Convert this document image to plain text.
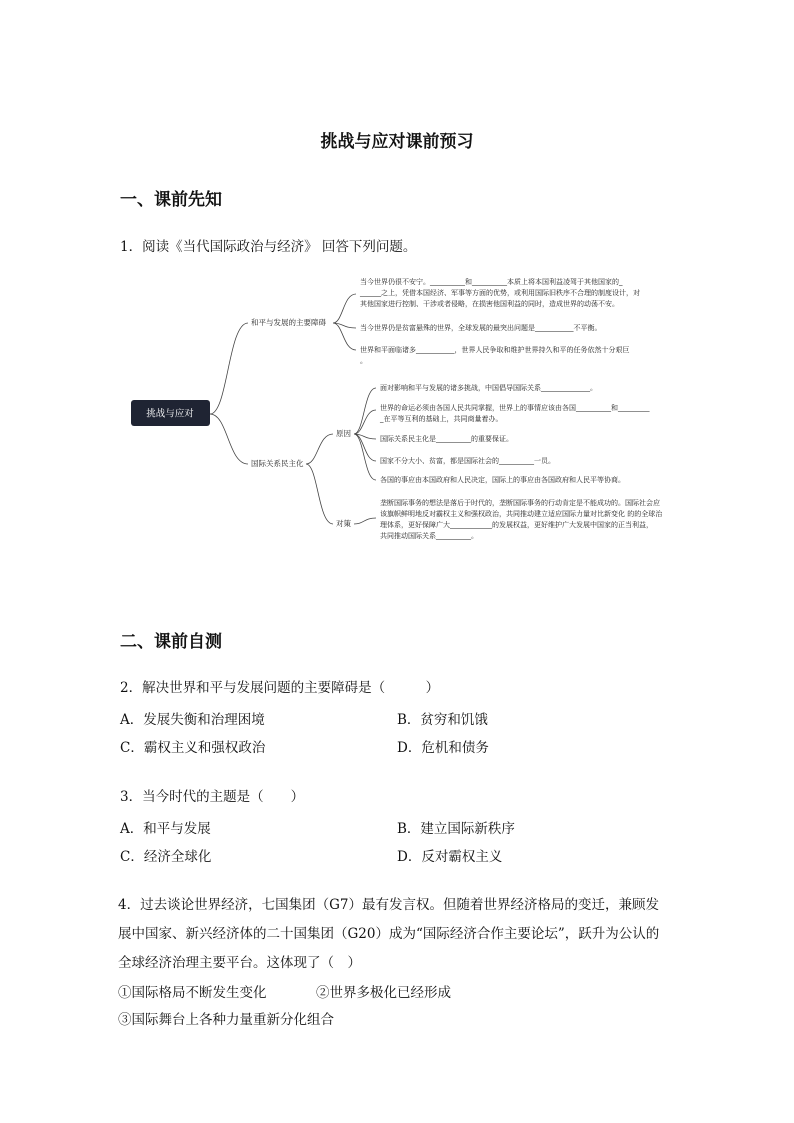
挑战与应对课前预习
一、课前先知
1．阅读《当代国际政治与经济》 回答下列问题。
挑战与应对
和平与发展的主要障碍
国际关系民主化
原因
对策
当今世界仍很不安宁。__________和__________本质上将本国利益凌驾于其他国家的_
______之上，凭借本国经济、军事等方面的优势，或利用国际旧秩序不合理的制度设计，对
其他国家进行控制、干涉或者侵略，在损害他国利益的同时，造成世界的动荡不安。
当今世界仍是贫富悬殊的世界，全球发展的最突出问题是___________不平衡。
世界和平面临诸多___________，世界人民争取和维护世界持久和平的任务依然十分艰巨
。
面对影响和平与发展的诸多挑战，中国倡导国际关系______________。
世界的命运必须由各国人民共同掌握，世界上的事情应该由各国__________和_________
_在平等互利的基础上，共同商量着办。
国际关系民主化是__________的重要保证。
国家不分大小、贫富，都是国际社会的__________一员。
各国的事应由本国政府和人民决定，国际上的事应由各国政府和人民平等协商。
垄断国际事务的想法是落后于时代的，垄断国际事务的行动肯定是不能成功的。国际社会应
该旗帜鲜明地反对霸权主义和强权政治，共同推动建立适应国际力量对比新变化 的的全球治
理体系，更好保障广大____________的发展权益，更好维护广大发展中国家的正当利益，
共同推动国际关系__________。
二、课前自测
2．解决世界和平与发展问题的主要障碍是（　　　）
A．发展失衡和治理困境	B．贫穷和饥饿
C．霸权主义和强权政治	D．危机和债务
3．当今时代的主题是（　　）
A．和平与发展	B．建立国际新秩序
C．经济全球化	D．反对霸权主义
4．过去谈论世界经济，七国集团（G7）最有发言权。但随着世界经济格局的变迁，兼顾发
展中国家、新兴经济体的二十国集团（G20）成为“国际经济合作主要论坛”，跃升为公认的
全球经济治理主要平台。这体现了（　）
①国际格局不断发生变化	②世界多极化已经形成
③国际舞台上各种力量重新分化组合
